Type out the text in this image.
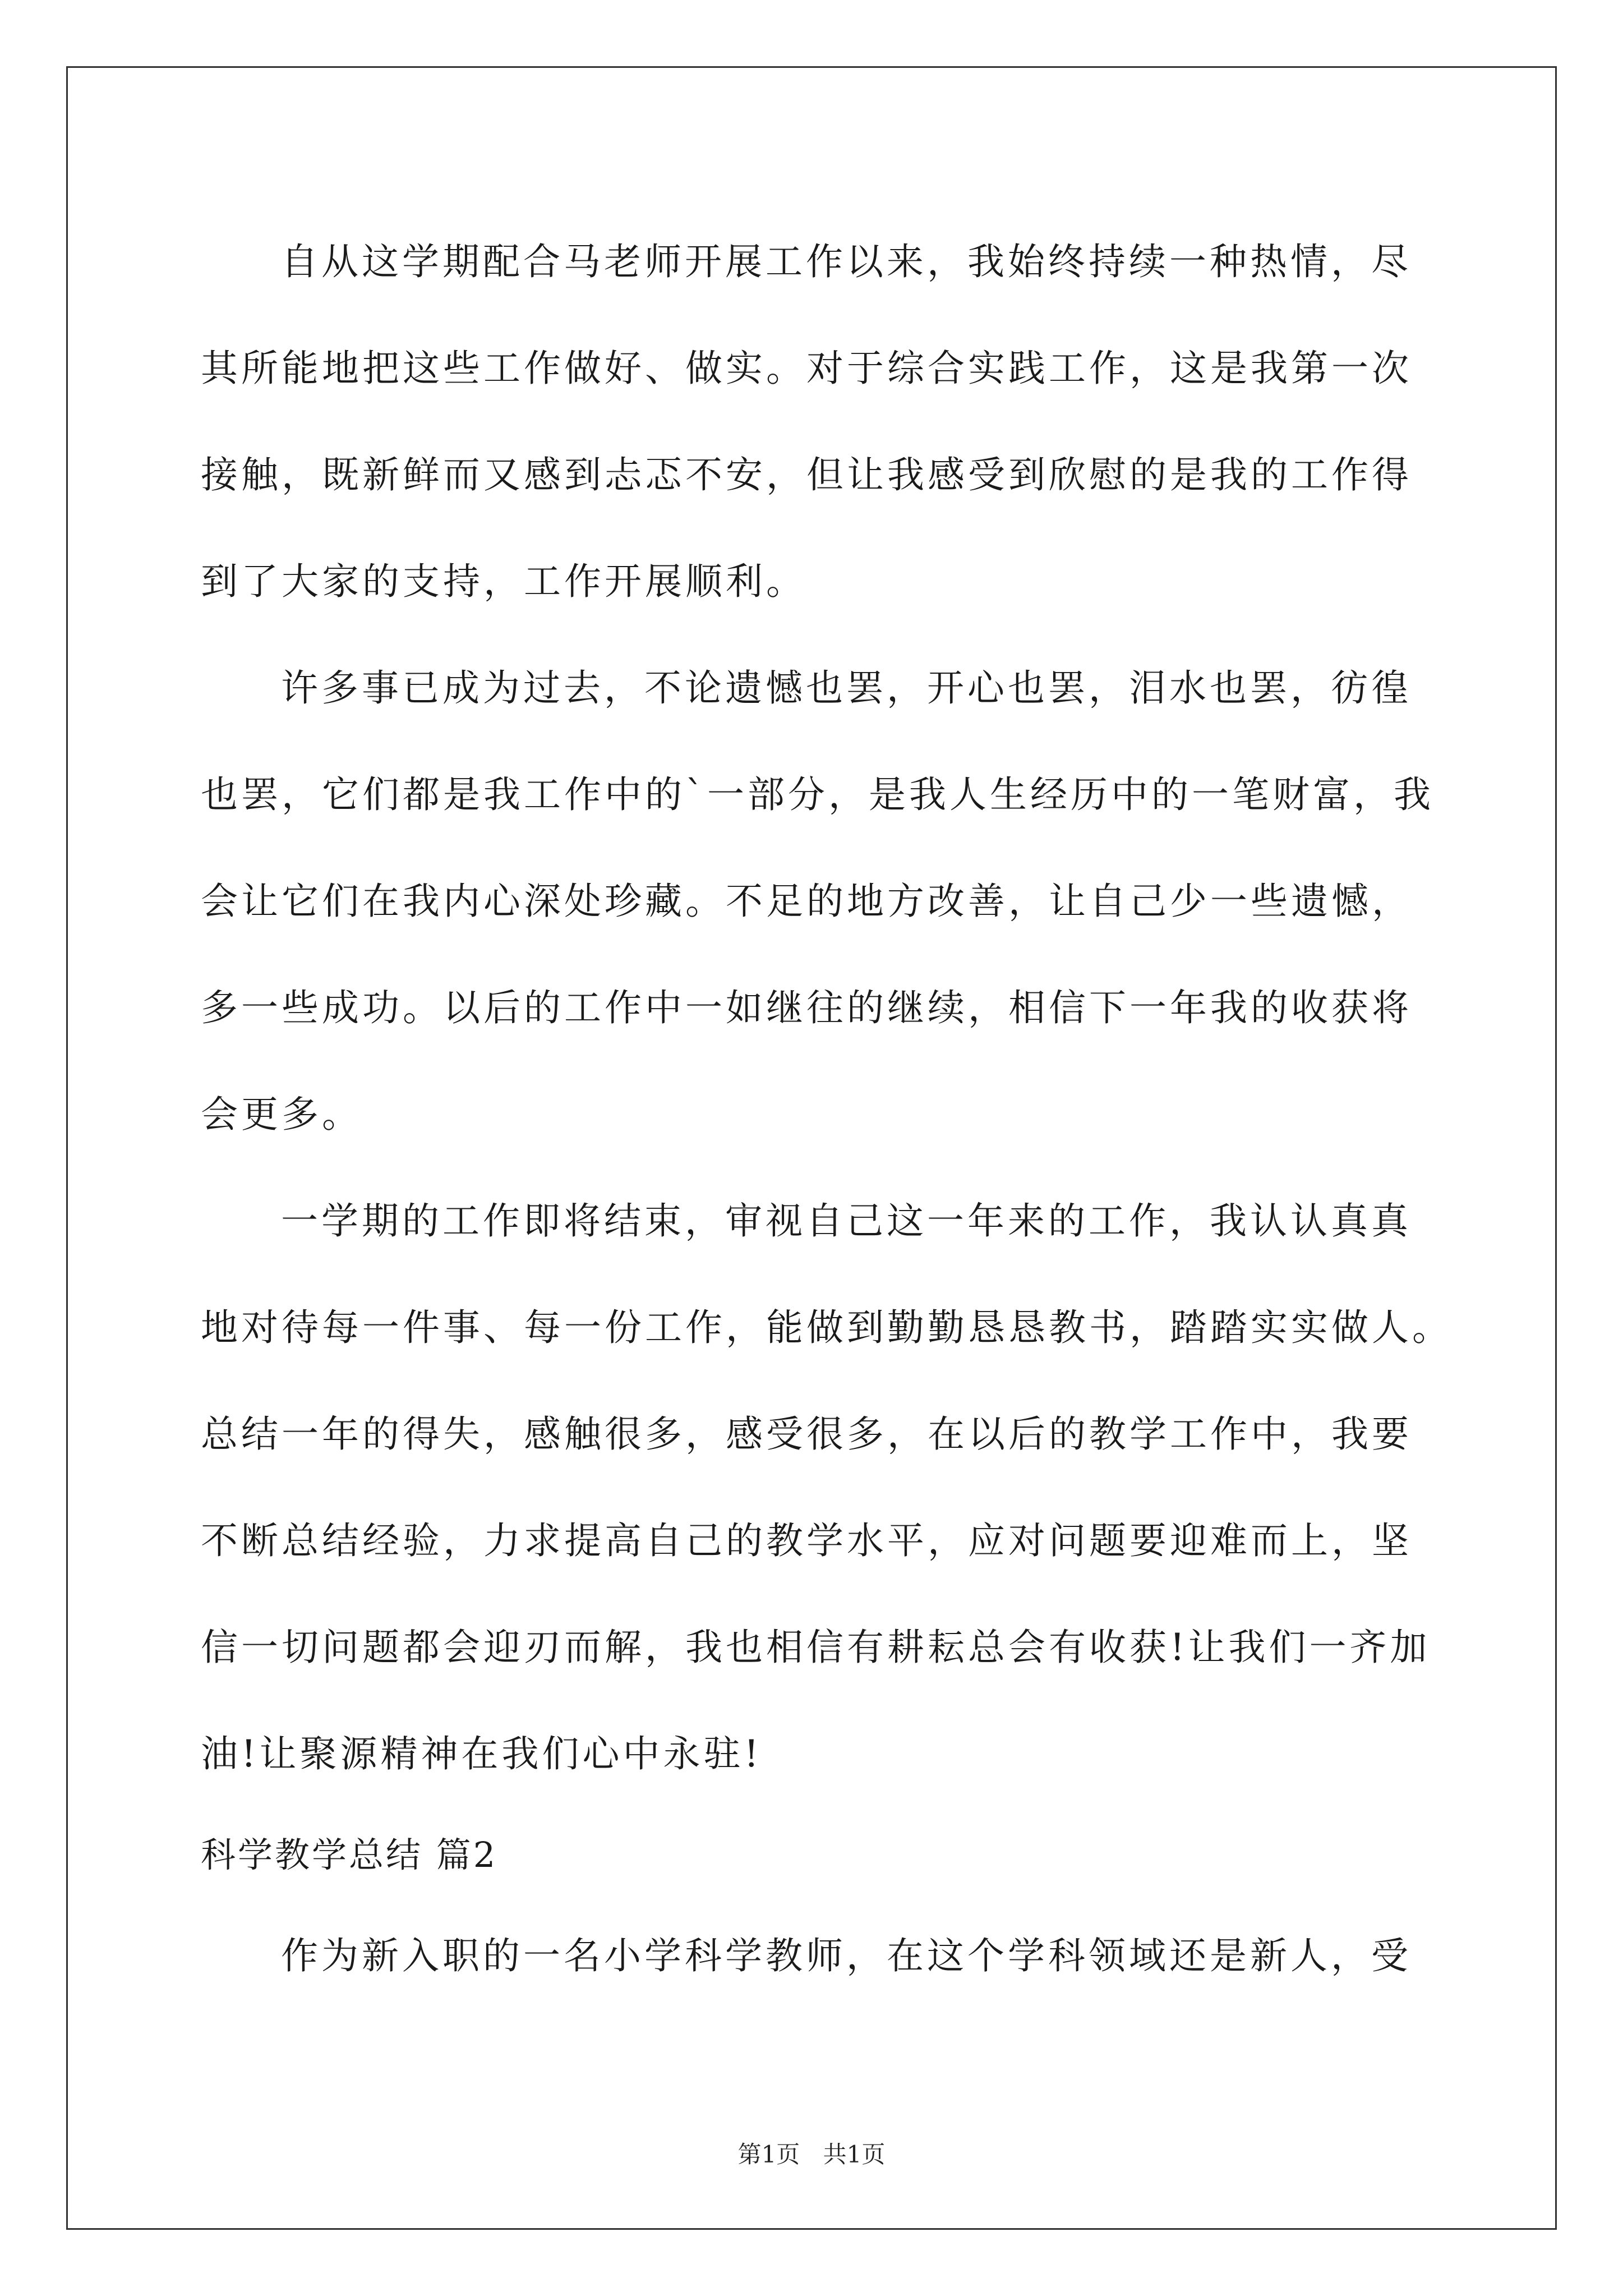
自从这学期配合马老师开展工作以来，我始终持续一种热情，尽
其所能地把这些工作做好、做实。对于综合实践工作，这是我第一次
接触，既新鲜而又感到忐忑不安，但让我感受到欣慰的是我的工作得
到了大家的支持，工作开展顺利。
许多事已成为过去，不论遗憾也罢，开心也罢，泪水也罢，彷徨
也罢，它们都是我工作中的`一部分，是我人生经历中的一笔财富，我
会让它们在我内心深处珍藏。不足的地方改善，让自己少一些遗憾，
多一些成功。以后的工作中一如继往的继续，相信下一年我的收获将
会更多。
一学期的工作即将结束，审视自己这一年来的工作，我认认真真
地对待每一件事、每一份工作，能做到勤勤恳恳教书，踏踏实实做人。
总结一年的得失，感触很多，感受很多，在以后的教学工作中，我要
不断总结经验，力求提高自己的教学水平，应对问题要迎难而上，坚
信一切问题都会迎刃而解，我也相信有耕耘总会有收获!让我们一齐加
油!让聚源精神在我们心中永驻!
科学教学总结 篇2
作为新入职的一名小学科学教师，在这个学科领域还是新人，受
第1页 共1页
